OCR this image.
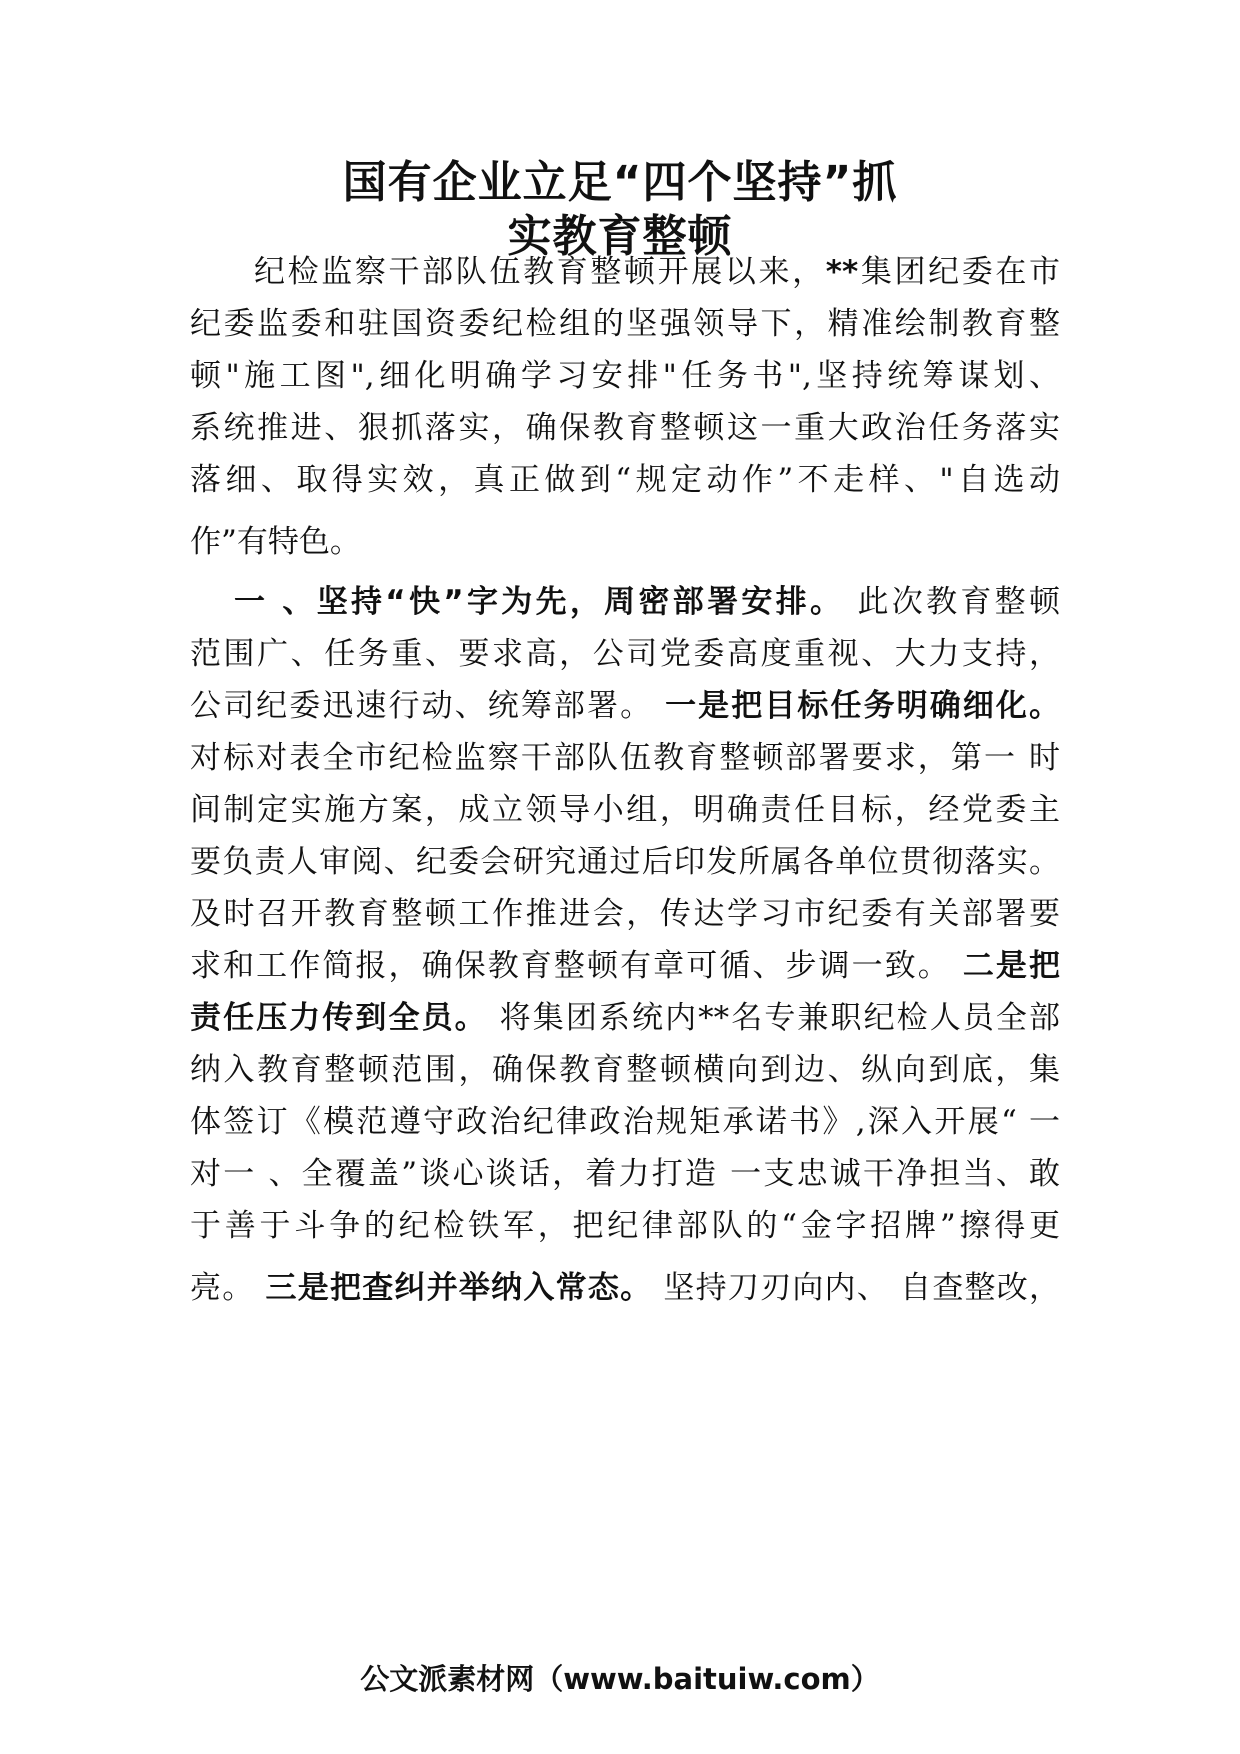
国有企业立足“四个坚持”抓
实教育整顿
纪检监察干部队伍教育整顿开展以来，**集团纪委在市
纪委监委和驻国资委纪检组的坚强领导下，精准绘制教育整
顿"施工图",细化明确学习安排"任务书",坚持统筹谋划、
系统推进、狠抓落实，确保教育整顿这一重大政治任务落实
落细、取得实效，真正做到“规定动作”不走样、"自选动
作”有特色。
一 、坚持“快”字为先，周密部署安排。 此次教育整顿
范围广、任务重、要求高，公司党委高度重视、大力支持，
公司纪委迅速行动、统筹部署。 一是把目标任务明确细化。
对标对表全市纪检监察干部队伍教育整顿部署要求，第一 时
间制定实施方案，成立领导小组，明确责任目标，经党委主
要负责人审阅、纪委会研究通过后印发所属各单位贯彻落实。
及时召开教育整顿工作推进会，传达学习市纪委有关部署要
求和工作简报，确保教育整顿有章可循、步调一致。 二是把
责任压力传到全员。 将集团系统内**名专兼职纪检人员全部
纳入教育整顿范围，确保教育整顿横向到边、纵向到底，集
体签订《模范遵守政治纪律政治规矩承诺书》,深入开展“ 一
对一 、全覆盖”谈心谈话，着力打造 一支忠诚干净担当、敢
于善于斗争的纪检铁军，把纪律部队的“金字招牌”擦得更
亮。 三是把查纠并举纳入常态。 坚持刀刃向内、 自查整改，
公文派素材网（www.baituiw.com）
